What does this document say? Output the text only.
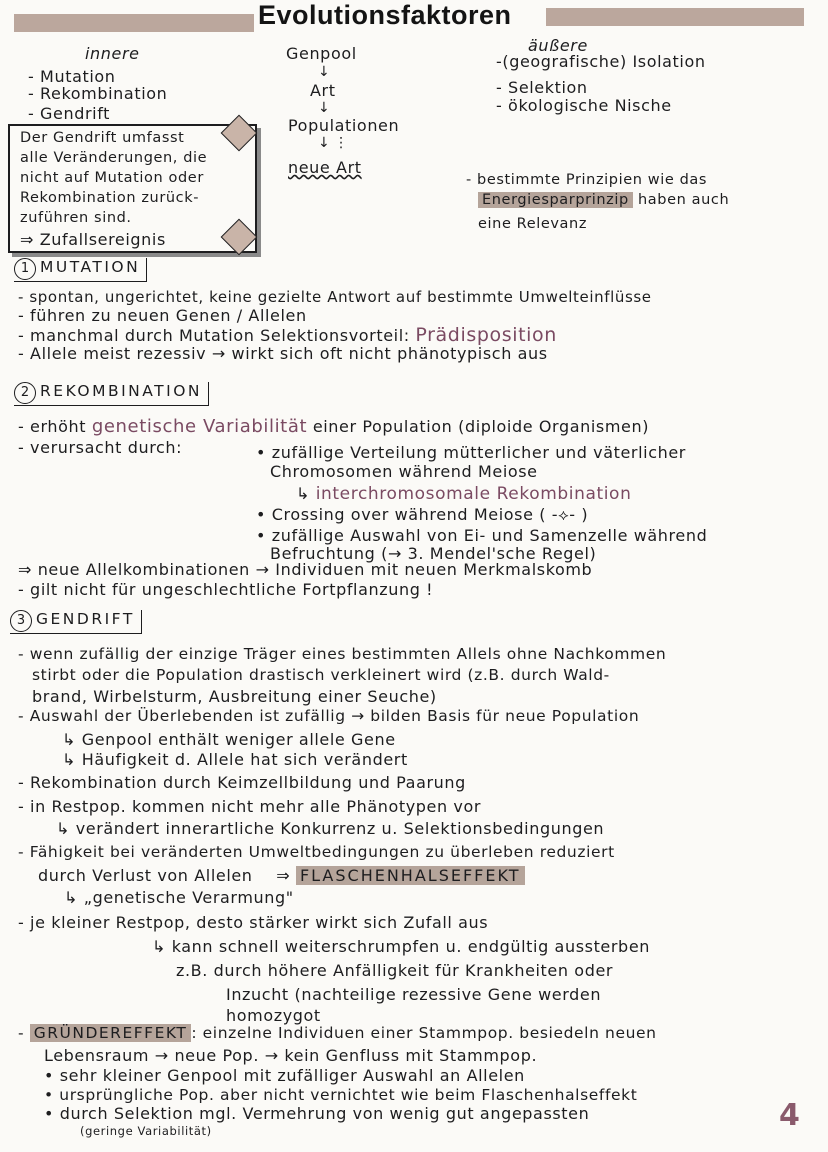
Evolutionsfaktoren
innere
- Mutation
- Rekombination
- Gendrift
Der Gendrift umfasst
alle Veränderungen, die
nicht auf Mutation oder
Rekombination zurück-
zuführen sind.
⇒ Zufallsereignis
Genpool
↓
Art
↓
Populationen
↓ ⋮
neue Art
äußere
-(geografische) Isolation
- Selektion
- ökologische Nische
- bestimmte Prinzipien wie das
Energiesparprinzip haben auch
eine Relevanz
1 MUTATION
- spontan, ungerichtet, keine gezielte Antwort auf bestimmte Umwelteinflüsse
- führen zu neuen Genen / Allelen
- manchmal durch Mutation Selektionsvorteil: Prädisposition
- Allele meist rezessiv → wirkt sich oft nicht phänotypisch aus
2 REKOMBINATION
- erhöht genetische Variabilität einer Population (diploide Organismen)
- verursacht durch:	• zufällige Verteilung mütterlicher und väterlicher
Chromosomen während Meiose
↳ interchromosomale Rekombination
• Crossing over während Meiose ( -⟡- )
• zufällige Auswahl von Ei- und Samenzelle während
Befruchtung (→ 3. Mendel'sche Regel)
⇒ neue Allelkombinationen → Individuen mit neuen Merkmalskomb
- gilt nicht für ungeschlechtliche Fortpflanzung !
3 GENDRIFT
- wenn zufällig der einzige Träger eines bestimmten Allels ohne Nachkommen
stirbt oder die Population drastisch verkleinert wird (z.B. durch Wald-
brand, Wirbelsturm, Ausbreitung einer Seuche)
- Auswahl der Überlebenden ist zufällig → bilden Basis für neue Population
↳ Genpool enthält weniger allele Gene
↳ Häufigkeit d. Allele hat sich verändert
- Rekombination durch Keimzellbildung und Paarung
- in Restpop. kommen nicht mehr alle Phänotypen vor
↳ verändert innerartliche Konkurrenz u. Selektionsbedingungen
- Fähigkeit bei veränderten Umweltbedingungen zu überleben reduziert
durch Verlust von Allelen ⇒ FLASCHENHALSEFFEKT
↳ „genetische Verarmung"
- je kleiner Restpop, desto stärker wirkt sich Zufall aus
↳ kann schnell weiterschrumpfen u. endgültig aussterben
z.B. durch höhere Anfälligkeit für Krankheiten oder
Inzucht (nachteilige rezessive Gene werden
homozygot
- GRÜNDEREFFEKT : einzelne Individuen einer Stammpop. besiedeln neuen
Lebensraum → neue Pop. → kein Genfluss mit Stammpop.
• sehr kleiner Genpool mit zufälliger Auswahl an Allelen
• ursprüngliche Pop. aber nicht vernichtet wie beim Flaschenhalseffekt
• durch Selektion mgl. Vermehrung von wenig gut angepassten
(geringe Variabilität)	4
